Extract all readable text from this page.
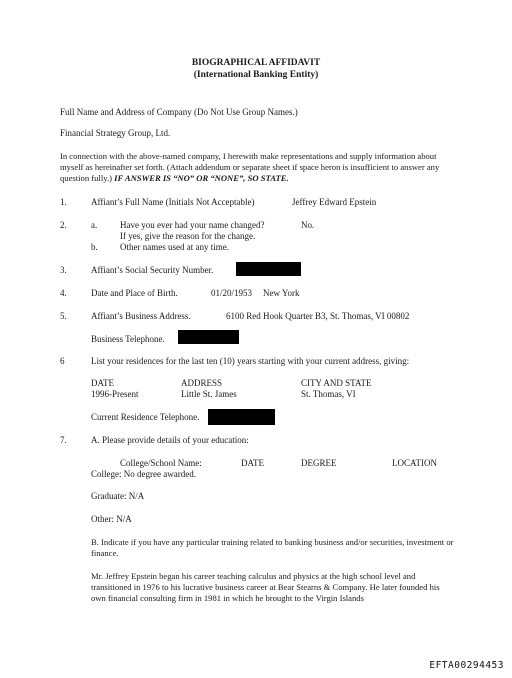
BIOGRAPHICAL AFFIDAVIT
(International Banking Entity)
Full Name and Address of Company (Do Not Use Group Names.)
Financial Strategy Group, Ltd.
In connection with the above-named company, I herewith make representations and supply information about myself as hereinafter set forth. (Attach addendum or separate sheet if space heron is insufficient to answer any question fully.) IF ANSWER IS “NO” OR “NONE”, SO STATE.
1.	Affiant’s Full Name (Initials Not Acceptable)	Jeffrey Edward Epstein
2.	a.	Have you ever had your name changed?	No.
If yes, give the reason for the change.
b. Other names used at any time.
3.	Affiant’s Social Security Number.
4.	Date and Place of Birth.	01/20/1953 New York
5.	Affiant’s Business Address.	6100 Red Hook Quarter B3, St. Thomas, VI 00802
Business Telephone.
6	List your residences for the last ten (10) years starting with your current address, giving:
DATE	ADDRESS	CITY AND STATE
1996-Present	Little St. James	St. Thomas, VI
Current Residence Telephone.
7.	A. Please provide details of your education:
College/School Name:	DATE	DEGREE	LOCATION
College: No degree awarded.
Graduate: N/A
Other: N/A
B. Indicate if you have any particular training related to banking business and/or securities, investment or finance.
Mr. Jeffrey Epstein began his career teaching calculus and physics at the high school level and transitioned in 1976 to his lucrative business career at Bear Stearns & Company. He later founded his own financial consulting firm in 1981 in which he brought to the Virgin Islands
EFTA00294453
